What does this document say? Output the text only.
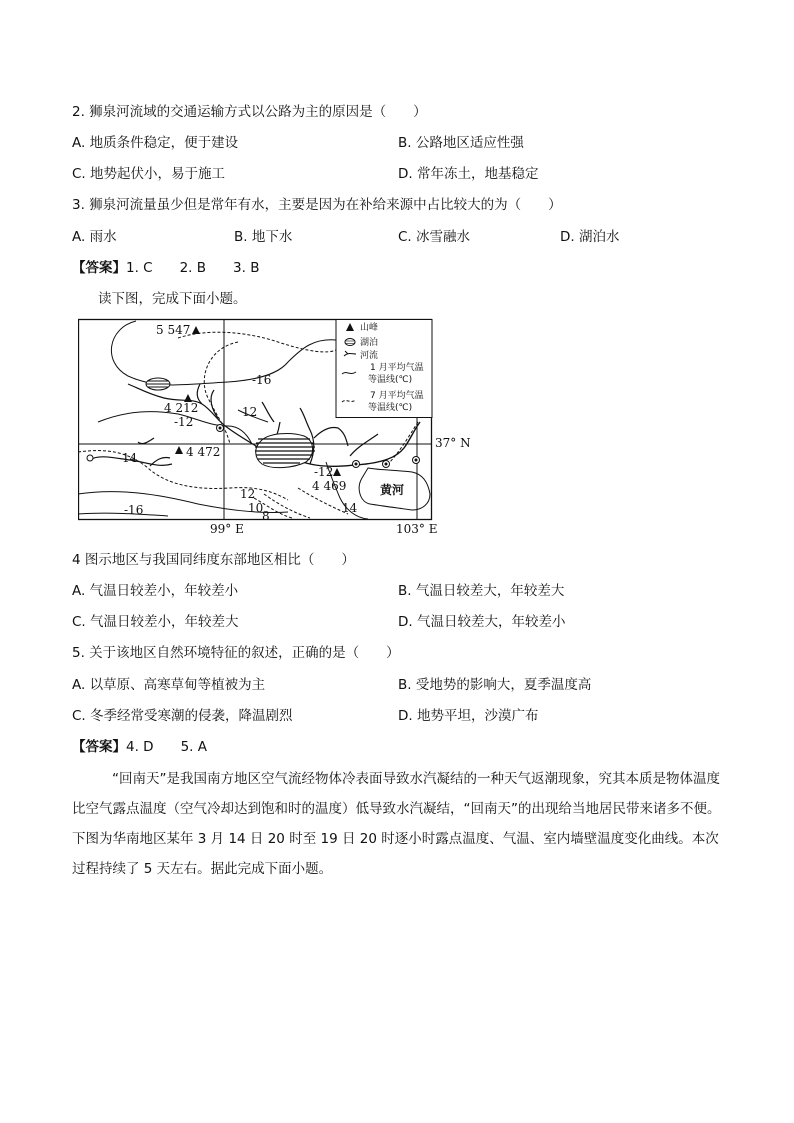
2. 狮泉河流域的交通运输方式以公路为主的原因是（　　）
A. 地质条件稳定，便于建设	B. 公路地区适应性强
C. 地势起伏小，易于施工	D. 常年冻土，地基稳定
3. 狮泉河流量虽少但是常年有水，主要是因为在补给来源中占比较大的为（　　）
A. 雨水	B. 地下水	C. 冰雪融水	D. 湖泊水
【答案】1. C　　2. B　　3. B
读下图，完成下面小题。
山峰
湖泊
河流
1 月平均气温
等温线(℃)
7 月平均气温
等温线(℃)
5 547
4 212
4 472
4 469
-16
-12
12
14
-12
12
10
8
-16	14
黄河
37° N
99° E	103° E
4 图示地区与我国同纬度东部地区相比（　　）
A. 气温日较差小，年较差小	B. 气温日较差大，年较差大
C. 气温日较差小，年较差大	D. 气温日较差大，年较差小
5. 关于该地区自然环境特征的叙述，正确的是（　　）
A. 以草原、高寒草甸等植被为主	B. 受地势的影响大，夏季温度高
C. 冬季经常受寒潮的侵袭，降温剧烈	D. 地势平坦，沙漠广布
【答案】4. D　　5. A
“回南天”是我国南方地区空气流经物体冷表面导致水汽凝结的一种天气返潮现象，究其本质是物体温度比空气露点温度（空气冷却达到饱和时的温度）低导致水汽凝结，“回南天”的出现给当地居民带来诸多不便。下图为华南地区某年 3 月 14 日 20 时至 19 日 20 时逐小时露点温度、气温、室内墙壁温度变化曲线。本次过程持续了 5 天左右。据此完成下面小题。
